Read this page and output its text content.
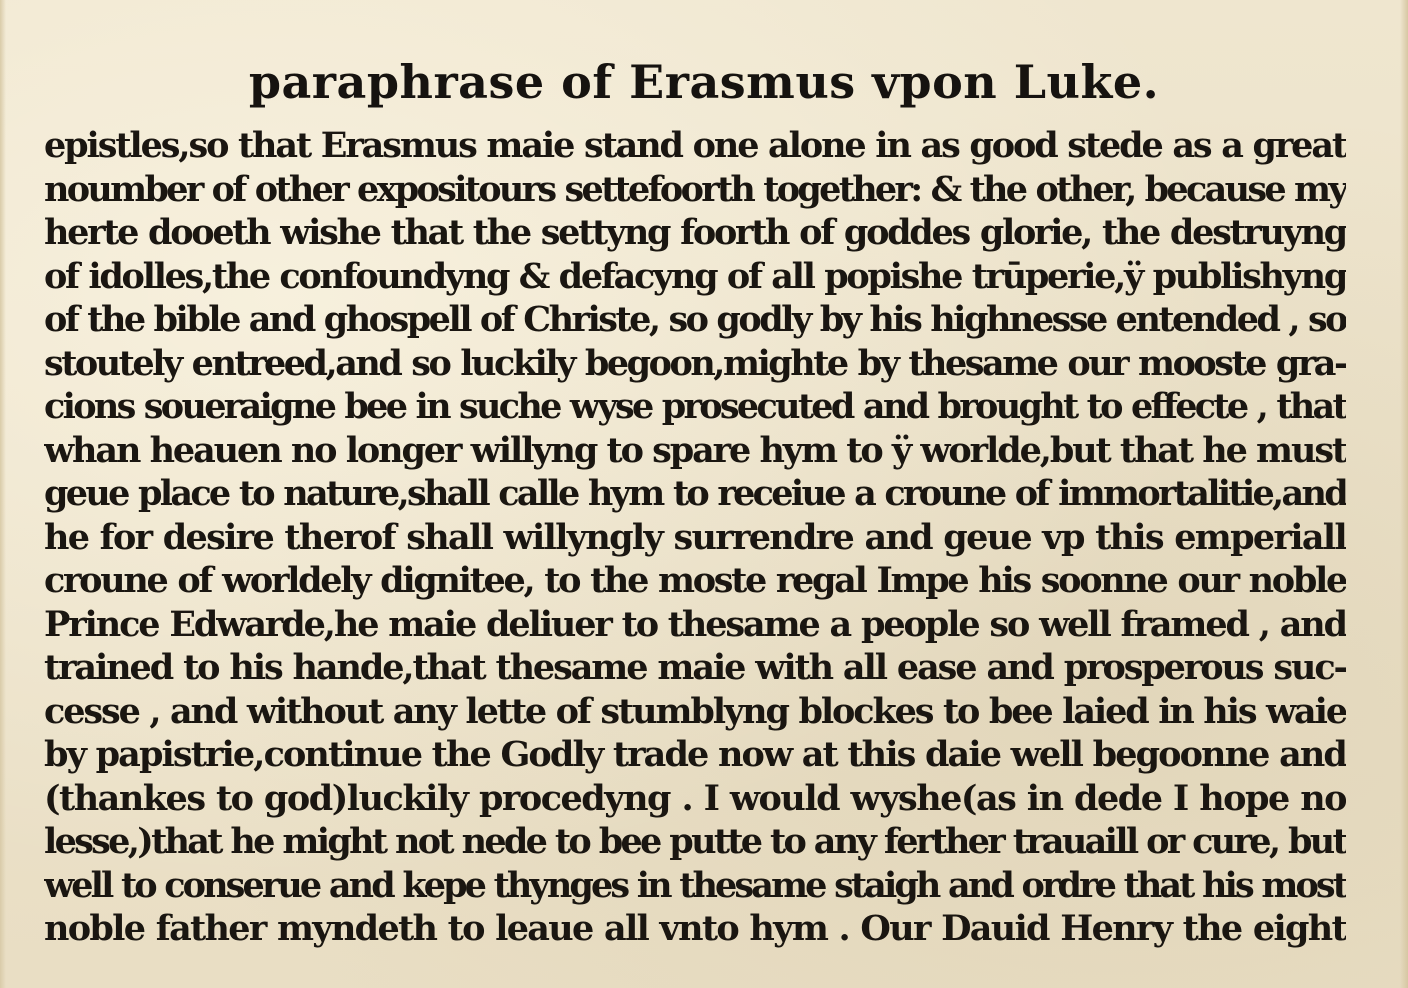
paraphrase of Erasmus vpon Luke.
epistles,so that Erasmus maie stand one alone in as good stede as a great
noumber of other expositours settefoorth together: & the other, because my
herte dooeth wishe that the settyng foorth of goddes glorie, the destruyng
of idolles,the confoundyng & defacyng of all popishe trūperie,ÿ publishyng
of the bible and ghospell of Christe, so godly by his highnesse entended , so
stoutely entreed,and so luckily begoon,mighte by thesame our mooste gra-
cions soueraigne bee in suche wyse prosecuted and brought to effecte , that
whan heauen no longer willyng to spare hym to ÿ worlde,but that he must
geue place to nature,shall calle hym to receiue a croune of immortalitie,and
he for desire therof shall willyngly surrendre and geue vp this emperiall
croune of worldely dignitee, to the moste regal Impe his soonne our noble
Prince Edwarde,he maie deliuer to thesame a people so well framed , and
trained to his hande,that thesame maie with all ease and prosperous suc-
cesse , and without any lette of stumblyng blockes to bee laied in his waie
by papistrie,continue the Godly trade now at this daie well begoonne and
(thankes to god)luckily procedyng . I would wyshe(as in dede I hope no
lesse,)that he might not nede to bee putte to any ferther trauaill or cure, but
well to conserue and kepe thynges in thesame staigh and ordre that his most
noble father myndeth to leaue all vnto hym . Our Dauid Henry the eight
